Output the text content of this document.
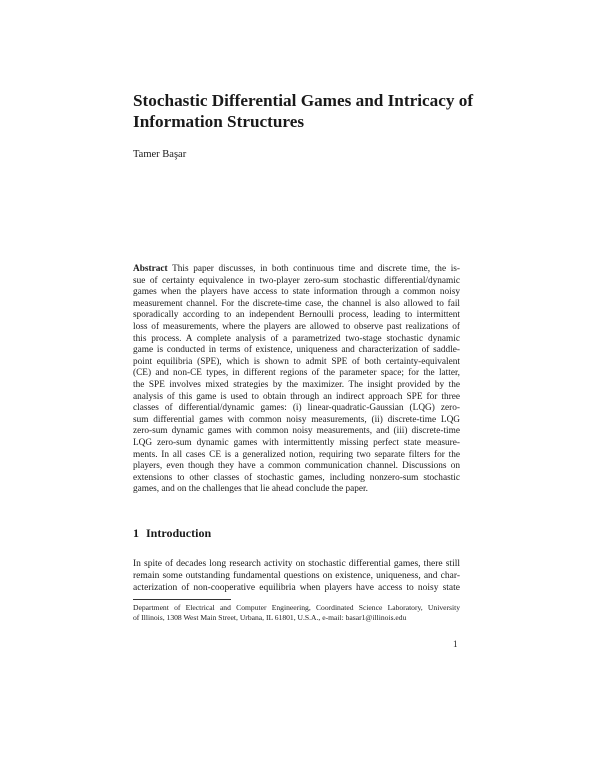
Stochastic Differential Games and Intricacy of
Information Structures

Tamer Başar

Abstract This paper discusses, in both continuous time and discrete time, the is-
sue of certainty equivalence in two-player zero-sum stochastic differential/dynamic
games when the players have access to state information through a common noisy
measurement channel. For the discrete-time case, the channel is also allowed to fail
sporadically according to an independent Bernoulli process, leading to intermittent
loss of measurements, where the players are allowed to observe past realizations of
this process. A complete analysis of a parametrized two-stage stochastic dynamic
game is conducted in terms of existence, uniqueness and characterization of saddle-
point equilibria (SPE), which is shown to admit SPE of both certainty-equivalent
(CE) and non-CE types, in different regions of the parameter space; for the latter,
the SPE involves mixed strategies by the maximizer. The insight provided by the
analysis of this game is used to obtain through an indirect approach SPE for three
classes of differential/dynamic games: (i) linear-quadratic-Gaussian (LQG) zero-
sum differential games with common noisy measurements, (ii) discrete-time LQG
zero-sum dynamic games with common noisy measurements, and (iii) discrete-time
LQG zero-sum dynamic games with intermittently missing perfect state measure-
ments. In all cases CE is a generalized notion, requiring two separate filters for the
players, even though they have a common communication channel. Discussions on
extensions to other classes of stochastic games, including nonzero-sum stochastic
games, and on the challenges that lie ahead conclude the paper.
1 Introduction
In spite of decades long research activity on stochastic differential games, there still
remain some outstanding fundamental questions on existence, uniqueness, and char-
acterization of non-cooperative equilibria when players have access to noisy state
Department of Electrical and Computer Engineering, Coordinated Science Laboratory, University
of Illinois, 1308 West Main Street, Urbana, IL 61801, U.S.A., e-mail: basar1@illinois.edu

1
